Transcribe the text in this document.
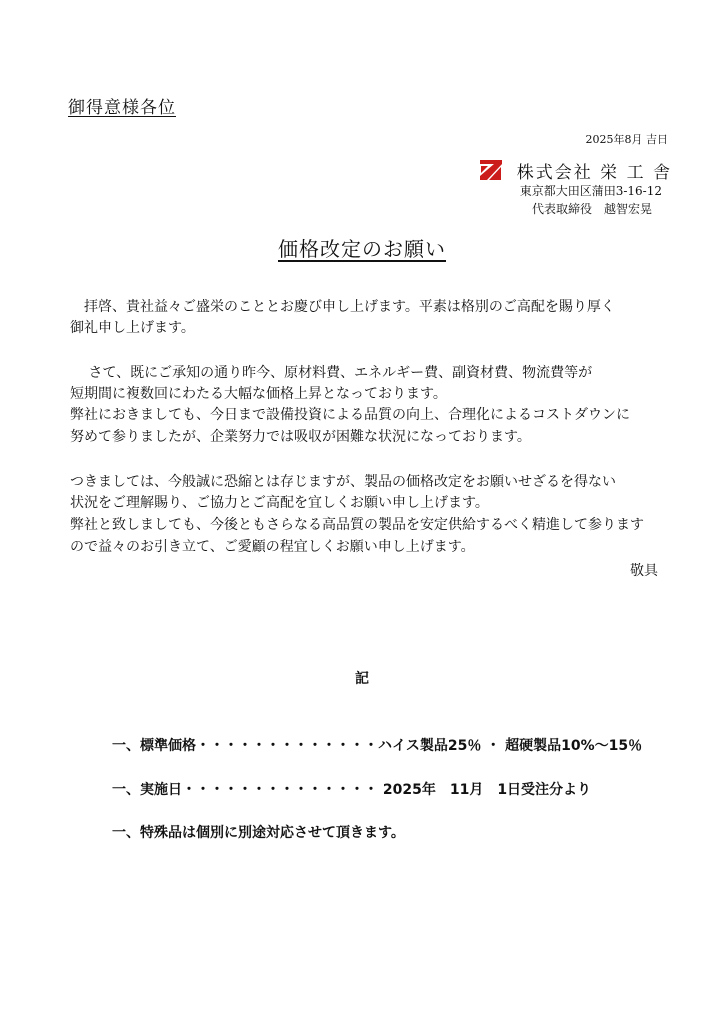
御得意様各位
2025年8月 吉日
株式会社 栄 工 舎
東京都大田区蒲田3-16-12
代表取締役　越智宏晃
価格改定のお願い
　拝啓、貴社益々ご盛栄のこととお慶び申し上げます。平素は格別のご高配を賜り厚く
御礼申し上げます。
　 さて、既にご承知の通り昨今、原材料費、エネルギー費、副資材費、物流費等が
短期間に複数回にわたる大幅な価格上昇となっております。
弊社におきましても、今日まで設備投資による品質の向上、合理化によるコストダウンに
努めて参りましたが、企業努力では吸収が困難な状況になっております。
つきましては、今般誠に恐縮とは存じますが、製品の価格改定をお願いせざるを得ない
状況をご理解賜り、ご協力とご高配を宜しくお願い申し上げます。
弊社と致しましても、今後ともさらなる高品質の製品を安定供給するべく精進して参ります
ので益々のお引き立て、ご愛顧の程宜しくお願い申し上げます。
敬具
記
一、標準価格・・・・・・・・・・・・・ハイス製品25％ ・ 超硬製品10%～15％
一、実施日・・・・・・・・・・・・・・ 2025年　11月　1日受注分より
一、特殊品は個別に別途対応させて頂きます。
